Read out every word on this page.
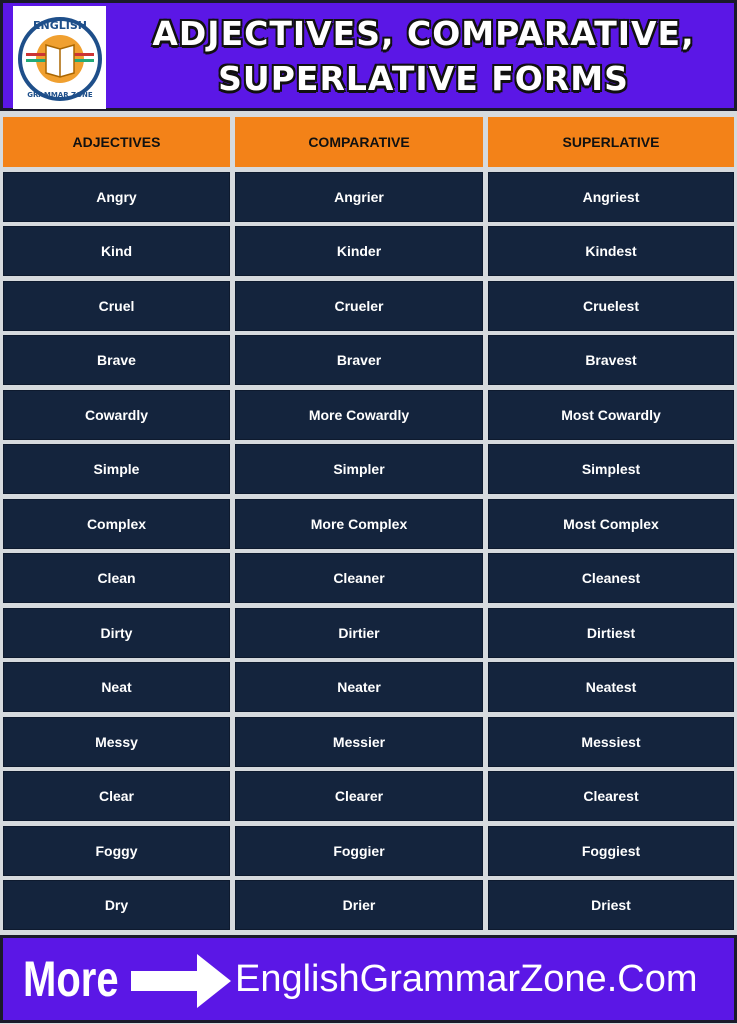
ENGLISH
GRAMMAR ZONE
ADJECTIVES, COMPARATIVE,
SUPERLATIVE FORMS
ADJECTIVES	COMPARATIVE	SUPERLATIVE
Angry	Angrier	Angriest
Kind	Kinder	Kindest
Cruel	Crueler	Cruelest
Brave	Braver	Bravest
Cowardly	More Cowardly	Most Cowardly
Simple	Simpler	Simplest
Complex	More Complex	Most Complex
Clean	Cleaner	Cleanest
Dirty	Dirtier	Dirtiest
Neat	Neater	Neatest
Messy	Messier	Messiest
Clear	Clearer	Clearest
Foggy	Foggier	Foggiest
Dry	Drier	Driest
More	EnglishGrammarZone.Com
